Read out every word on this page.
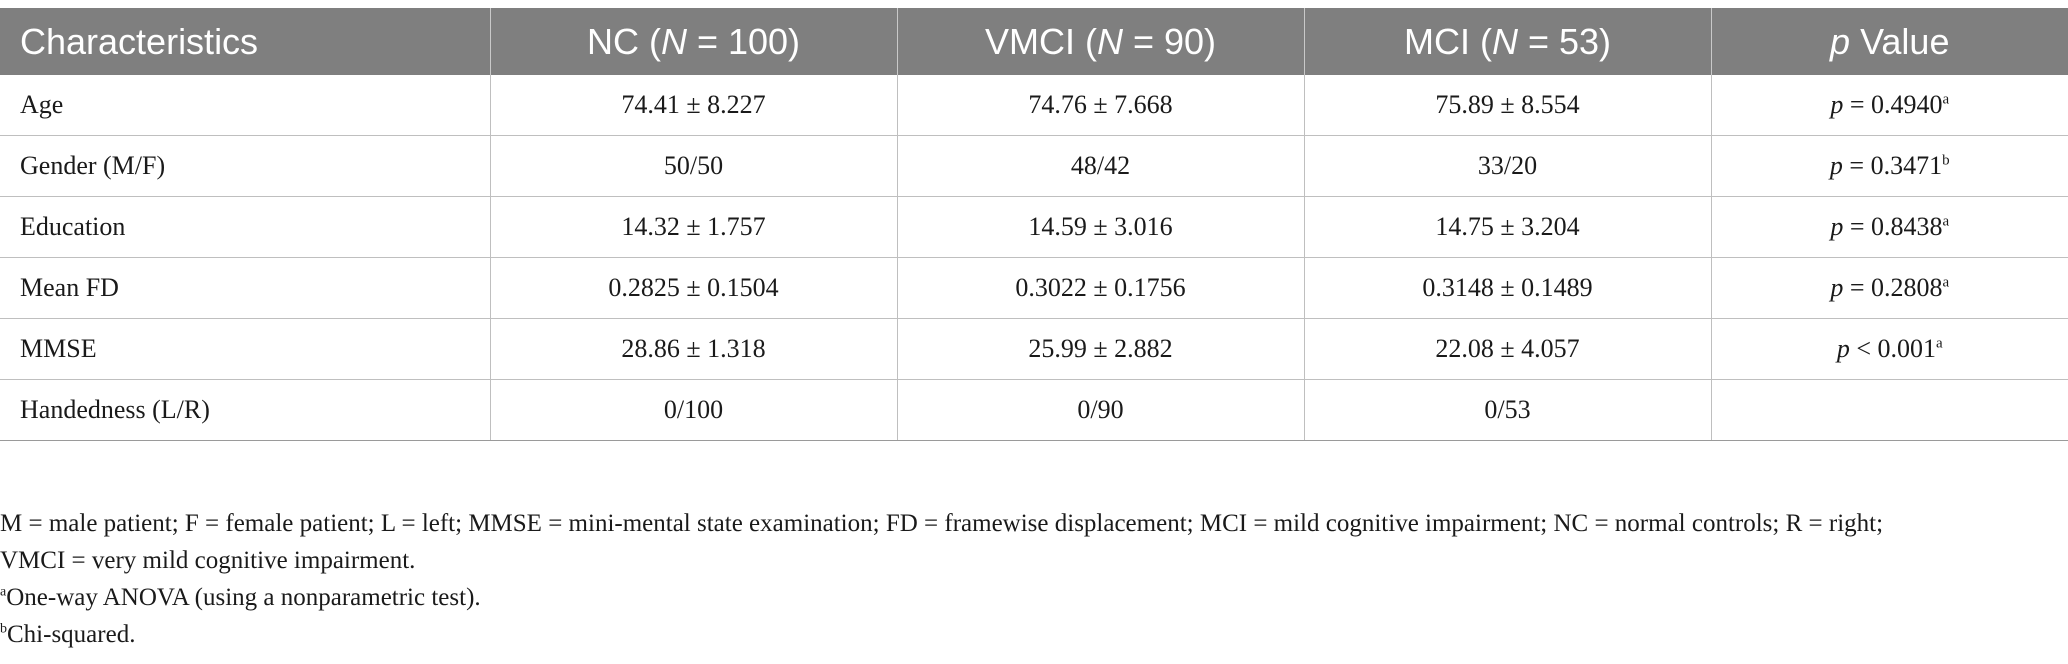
Characteristics	NC (N = 100)	VMCI (N = 90)	MCI (N = 53)	p Value
Age	74.41 ± 8.227	74.76 ± 7.668	75.89 ± 8.554	p = 0.4940$^a$
Gender (M/F)	50/50	48/42	33/20	p = 0.3471$^b$
Education	14.32 ± 1.757	14.59 ± 3.016	14.75 ± 3.204	p = 0.8438$^a$
Mean FD	0.2825 ± 0.1504	0.3022 ± 0.1756	0.3148 ± 0.1489	p = 0.2808$^a$
MMSE	28.86 ± 1.318	25.99 ± 2.882	22.08 ± 4.057	p < 0.001$^a$
Handedness (L/R)	0/100	0/90	0/53	
M = male patient; F = female patient; L = left; MMSE = mini-mental state examination; FD = framewise displacement; MCI = mild cognitive impairment; NC = normal controls; R = right;
VMCI = very mild cognitive impairment.
$^a$One-way ANOVA (using a nonparametric test).
$^b$Chi-squared.
